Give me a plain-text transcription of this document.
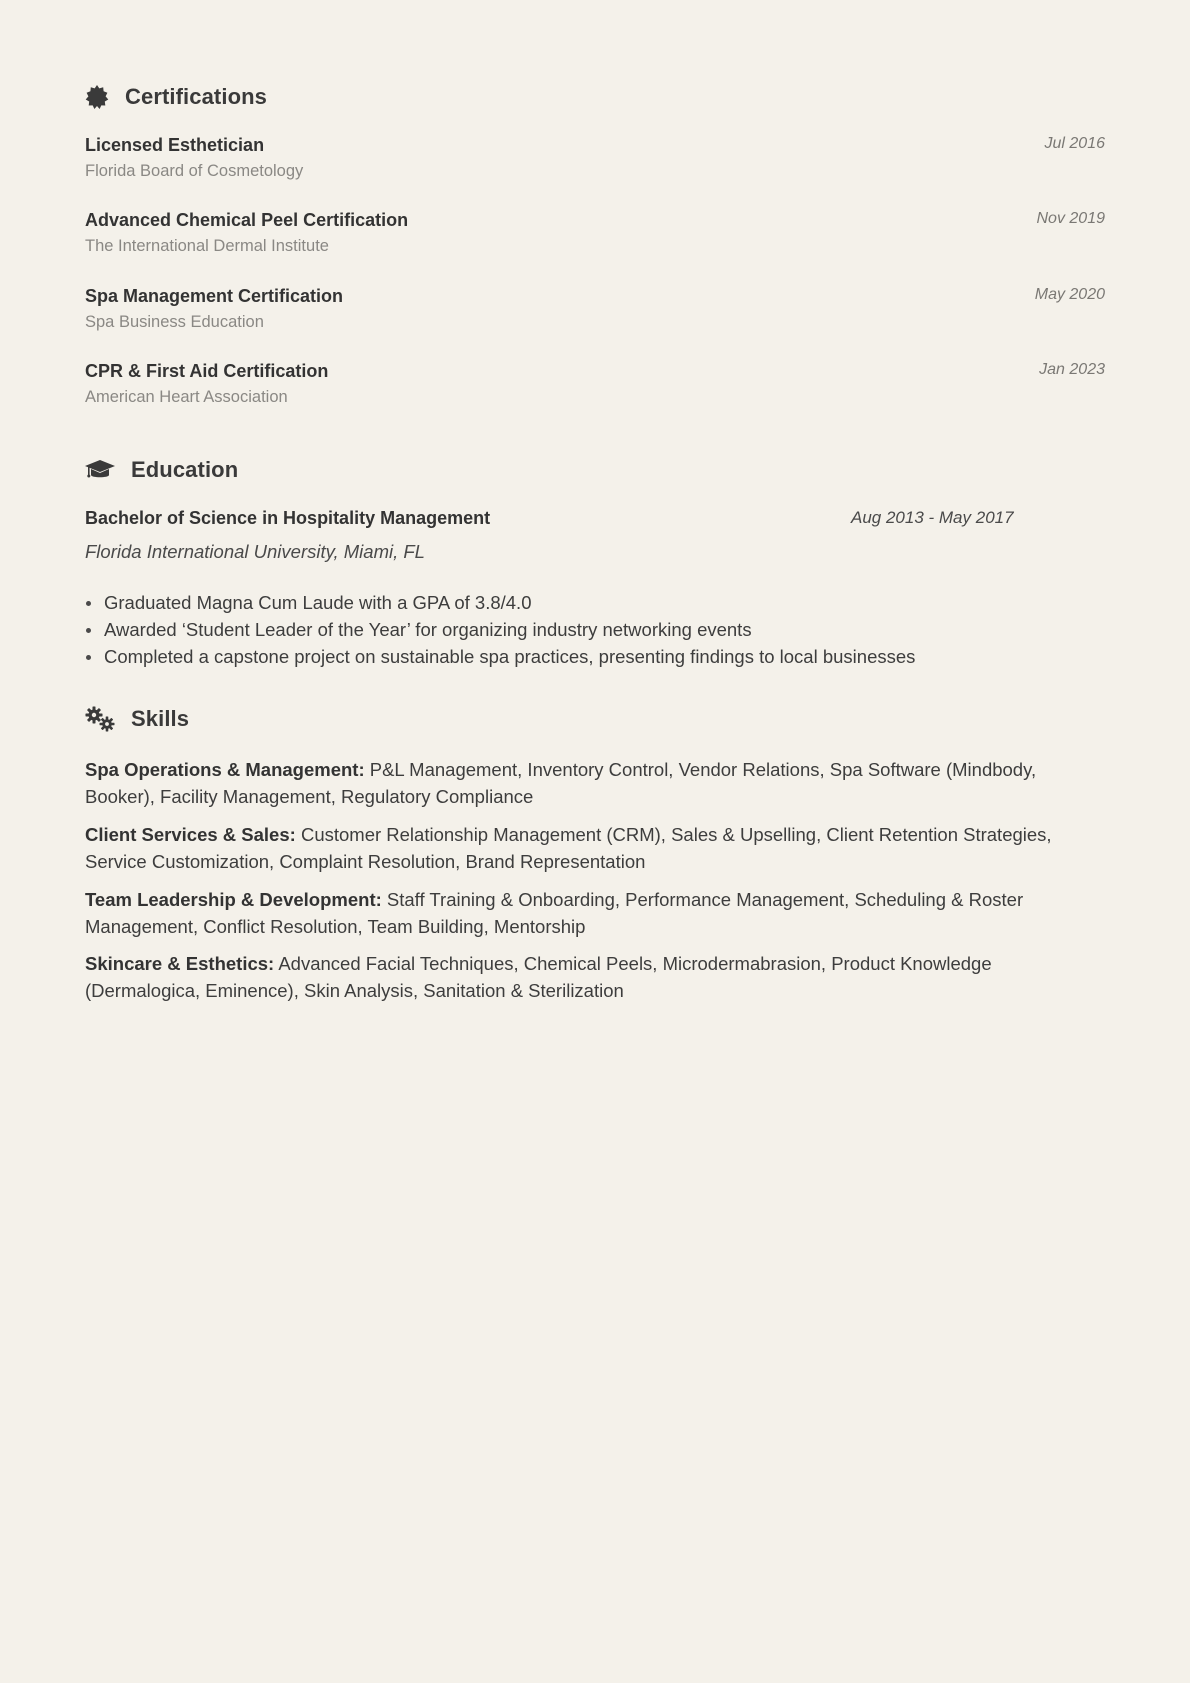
Certifications
Licensed Esthetician
Florida Board of Cosmetology
Jul 2016
Advanced Chemical Peel Certification
The International Dermal Institute
Nov 2019
Spa Management Certification
Spa Business Education
May 2020
CPR & First Aid Certification
American Heart Association
Jan 2023
Education
Bachelor of Science in Hospitality Management	Aug 2013 - May 2017
Florida International University, Miami, FL
Graduated Magna Cum Laude with a GPA of 3.8/4.0
Awarded ‘Student Leader of the Year’ for organizing industry networking events
Completed a capstone project on sustainable spa practices, presenting findings to local businesses
Skills
Spa Operations & Management: P&L Management, Inventory Control, Vendor Relations, Spa Software (Mindbody, Booker), Facility Management, Regulatory Compliance
Client Services & Sales: Customer Relationship Management (CRM), Sales & Upselling, Client Retention Strategies, Service Customization, Complaint Resolution, Brand Representation
Team Leadership & Development: Staff Training & Onboarding, Performance Management, Scheduling & Roster Management, Conflict Resolution, Team Building, Mentorship
Skincare & Esthetics: Advanced Facial Techniques, Chemical Peels, Microdermabrasion, Product Knowledge (Dermalogica, Eminence), Skin Analysis, Sanitation & Sterilization
